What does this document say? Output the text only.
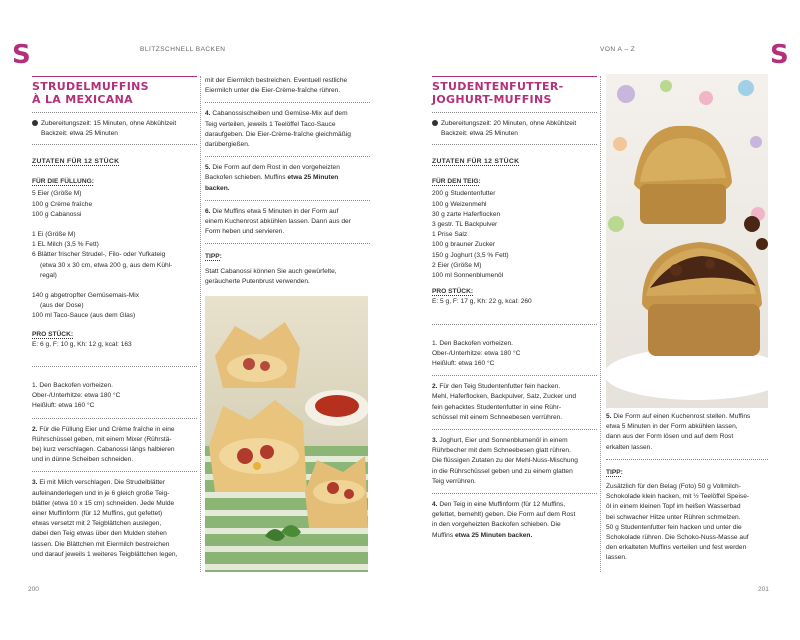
S	BLITZSCHNELL BACKEN	VON A – Z	S
200	201
STRUDELMUFFINS
À LA MEXICANA
Zubereitungszeit: 15 Minuten, ohne Abkühlzeit
Backzeit: etwa 25 Minuten
ZUTATEN FÜR 12 STÜCK
FÜR DIE FÜLLUNG:
5 Eier (Größe M)
100 g Crème fraîche
100 g Cabanossi
1 Ei (Größe M)
1 EL Milch (3,5 % Fett)
6 Blätter frischer Strudel-, Filo- oder Yufkateig
(etwa 30 x 30 cm, etwa 200 g, aus dem Kühl-
regal)
140 g abgetropfter Gemüsemais-Mix
(aus der Dose)
100 ml Taco-Sauce (aus dem Glas)
PRO STÜCK:
E: 6 g, F: 10 g, Kh: 12 g, kcal: 163
1. Den Backofen vorheizen.
Ober-/Unterhitze: etwa 180 °C
Heißluft: etwa 160 °C
2. Für die Füllung Eier und Crème fraîche in eine
Rührschüssel geben, mit einem Mixer (Rührstä-
be) kurz verschlagen. Cabanossi längs halbieren
und in dünne Scheiben schneiden.
3. Ei mit Milch verschlagen. Die Strudelblätter
aufeinanderlegen und in je 6 gleich große Teig-
blätter (etwa 10 x 15 cm) schneiden. Jede Mulde
einer Muffinform (für 12 Muffins, gut gefettet)
etwas versetzt mit 2 Teigblättchen auslegen,
dabei den Teig etwas über den Mulden stehen
lassen. Die Blättchen mit Eiermilch bestreichen
und darauf jeweils 1 weiteres Teigblättchen legen,
mit der Eiermilch bestreichen. Eventuell restliche
Eiermilch unter die Eier-Crème-fraîche rühren.
4. Cabanossischeiben und Gemüse-Mix auf dem
Teig verteilen, jeweils 1 Teelöffel Taco-Sauce
daraufgeben. Die Eier-Crème-fraîche gleichmäßig
darübergießen.
5. Die Form auf dem Rost in den vorgeheizten
Backofen schieben. Muffins etwa 25 Minuten
backen.
6. Die Muffins etwa 5 Minuten in der Form auf
einem Kuchenrost abkühlen lassen. Dann aus der
Form heben und servieren.
TIPP:
Statt Cabanossi können Sie auch gewürfelte,
geräucherte Putenbrust verwenden.
STUDENTENFUTTER-
JOGHURT-MUFFINS
Zubereitungszeit: 20 Minuten, ohne Abkühlzeit
Backzeit: etwa 25 Minuten
ZUTATEN FÜR 12 STÜCK
FÜR DEN TEIG:
200 g Studentenfutter
100 g Weizenmehl
30 g zarte Haferflocken
3 gestr. TL Backpulver
1 Prise Salz
100 g brauner Zucker
150 g Joghurt (3,5 % Fett)
2 Eier (Größe M)
100 ml Sonnenblumenöl
PRO STÜCK:
E: 5 g, F: 17 g, Kh: 22 g, kcal: 260
1. Den Backofen vorheizen.
Ober-/Unterhitze: etwa 180 °C
Heißluft: etwa 160 °C
2. Für den Teig Studentenfutter fein hacken.
Mehl, Haferflocken, Backpulver, Salz, Zucker und
fein gehacktes Studentenfutter in eine Rühr-
schüssel mit einem Schneebesen verrühren.
3. Joghurt, Eier und Sonnenblumenöl in einem
Rührbecher mit dem Schneebesen glatt rühren.
Die flüssigen Zutaten zu der Mehl-Nuss-Mischung
in die Rührschüssel geben und zu einem glatten
Teig verrühren.
4. Den Teig in eine Muffinform (für 12 Muffins,
gefettet, bemehlt) geben. Die Form auf dem Rost
in den vorgeheizten Backofen schieben. Die
Muffins etwa 25 Minuten backen.
5. Die Form auf einen Kuchenrost stellen. Muffins
etwa 5 Minuten in der Form abkühlen lassen,
dann aus der Form lösen und auf dem Rost
erkalten lassen.
TIPP:
Zusätzlich für den Belag (Foto) 50 g Vollmilch-
Schokolade klein hacken, mit ½ Teelöffel Speise-
öl in einem kleinen Topf im heißen Wasserbad
bei schwacher Hitze unter Rühren schmelzen.
50 g Studentenfutter fein hacken und unter die
Schokolade rühren. Die Schoko-Nuss-Masse auf
den erkalteten Muffins verteilen und fest werden
lassen.
